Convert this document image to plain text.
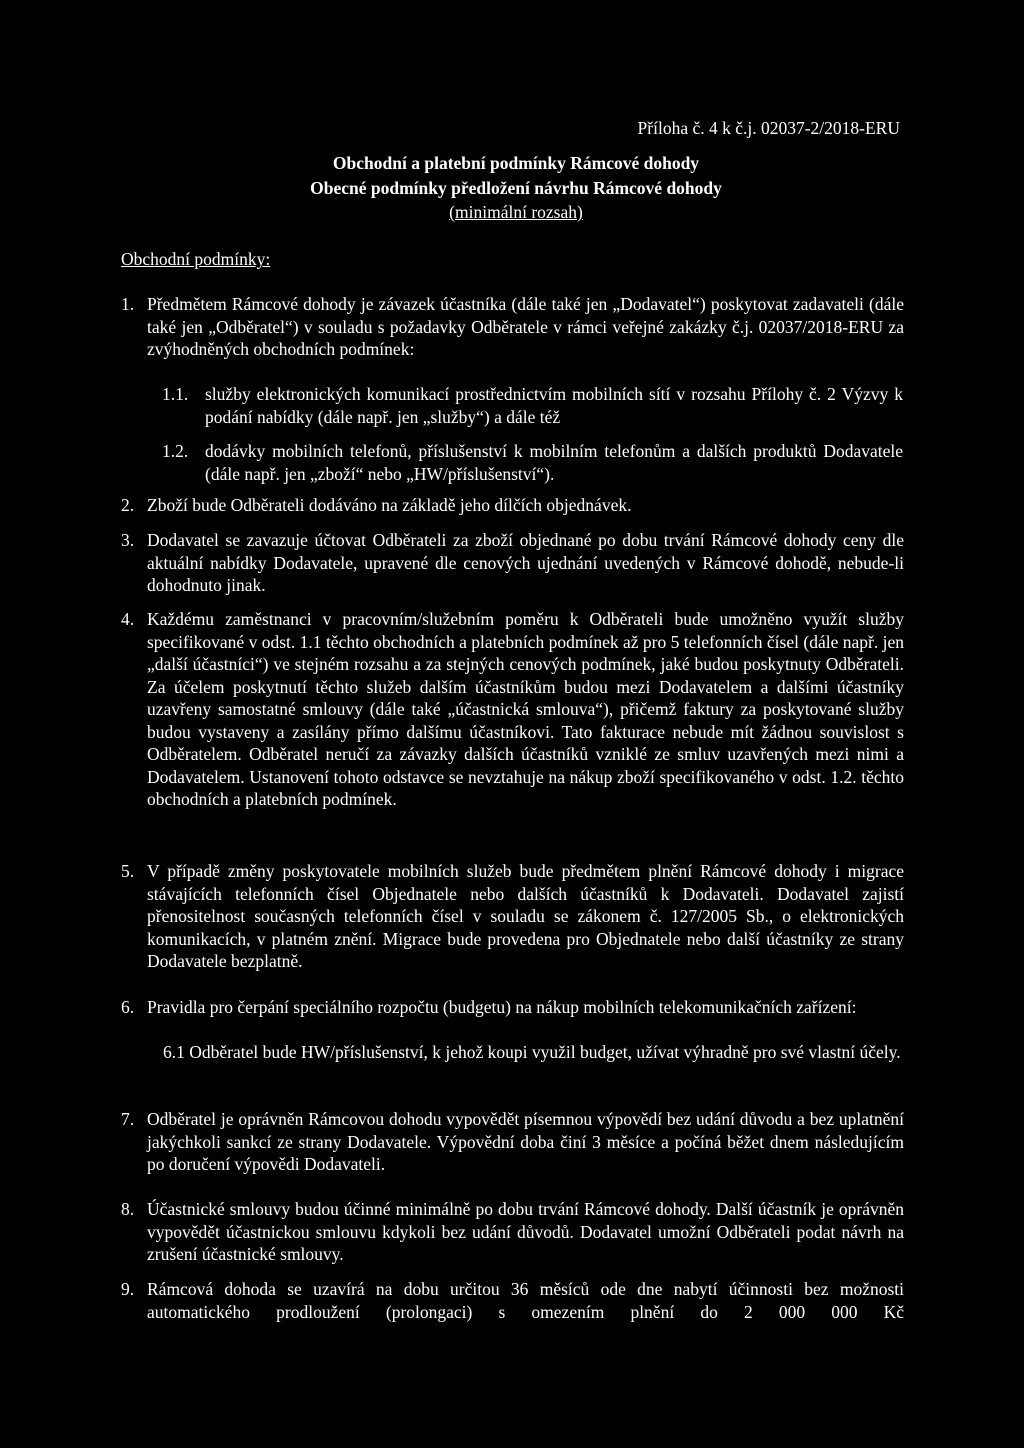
Příloha č. 4 k č.j. 02037-2/2018-ERU
Obchodní a platební podmínky Rámcové dohody
Obecné podmínky předložení návrhu Rámcové dohody
(minimální rozsah)
Obchodní podmínky:
1. Předmětem Rámcové dohody je závazek účastníka (dále také jen „Dodavatel“) poskytovat zadavateli (dále také jen „Odběratel“) v souladu s požadavky Odběratele v rámci veřejné zakázky č.j. 02037/2018-ERU za zvýhodněných obchodních podmínek:
1.1. služby elektronických komunikací prostřednictvím mobilních sítí v rozsahu Přílohy č. 2 Výzvy k podání nabídky (dále např. jen „služby“) a dále též
1.2. dodávky mobilních telefonů, příslušenství k mobilním telefonům a dalších produktů Dodavatele (dále např. jen „zboží“ nebo „HW/příslušenství“).
2. Zboží bude Odběrateli dodáváno na základě jeho dílčích objednávek.
3. Dodavatel se zavazuje účtovat Odběrateli za zboží objednané po dobu trvání Rámcové dohody ceny dle aktuální nabídky Dodavatele, upravené dle cenových ujednání uvedených v Rámcové dohodě, nebude-li dohodnuto jinak.
4. Každému zaměstnanci v pracovním/služebním poměru k Odběrateli bude umožněno využít služby specifikované v odst. 1.1 těchto obchodních a platebních podmínek až pro 5 telefonních čísel (dále např. jen „další účastníci“) ve stejném rozsahu a za stejných cenových podmínek, jaké budou poskytnuty Odběrateli. Za účelem poskytnutí těchto služeb dalším účastníkům budou mezi Dodavatelem a dalšími účastníky uzavřeny samostatné smlouvy (dále také „účastnická smlouva“), přičemž faktury za poskytované služby budou vystaveny a zasílány přímo dalšímu účastníkovi. Tato fakturace nebude mít žádnou souvislost s Odběratelem. Odběratel neručí za závazky dalších účastníků vzniklé ze smluv uzavřených mezi nimi a Dodavatelem. Ustanovení tohoto odstavce se nevztahuje na nákup zboží specifikovaného v odst. 1.2. těchto obchodních a platebních podmínek.
5. V případě změny poskytovatele mobilních služeb bude předmětem plnění Rámcové dohody i migrace stávajících telefonních čísel Objednatele nebo dalších účastníků k Dodavateli. Dodavatel zajistí přenositelnost současných telefonních čísel v souladu se zákonem č. 127/2005 Sb., o elektronických komunikacích, v platném znění. Migrace bude provedena pro Objednatele nebo další účastníky ze strany Dodavatele bezplatně.
6. Pravidla pro čerpání speciálního rozpočtu (budgetu) na nákup mobilních telekomunikačních zařízení:
6.1 Odběratel bude HW/příslušenství, k jehož koupi využil budget, užívat výhradně pro své vlastní účely.
7. Odběratel je oprávněn Rámcovou dohodu vypovědět písemnou výpovědí bez udání důvodu a bez uplatnění jakýchkoli sankcí ze strany Dodavatele. Výpovědní doba činí 3 měsíce a počíná běžet dnem následujícím po doručení výpovědi Dodavateli.
8. Účastnické smlouvy budou účinné minimálně po dobu trvání Rámcové dohody. Další účastník je oprávněn vypovědět účastnickou smlouvu kdykoli bez udání důvodů. Dodavatel umožní Odběrateli podat návrh na zrušení účastnické smlouvy.
9. Rámcová dohoda se uzavírá na dobu určitou 36 měsíců ode dne nabytí účinnosti bez možnosti automatického prodloužení (prolongaci) s omezením plnění do 2 000 000 Kč
